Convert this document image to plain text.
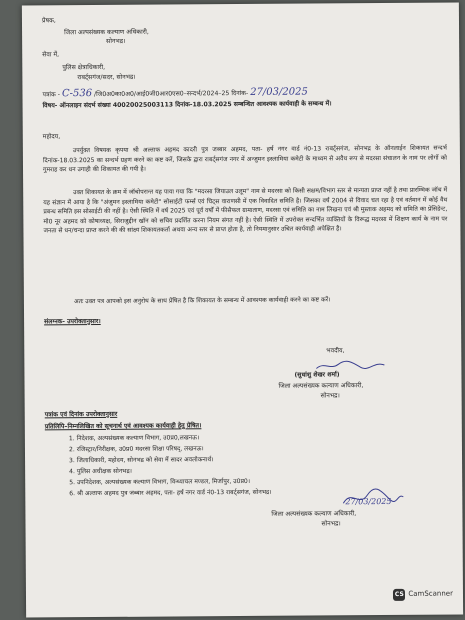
प्रेषक,
जिला अल्पसंख्यक कल्याण अधिकारी,
सोनभद्र।
सेवा में,
पुलिस क्षेत्राधिकारी,
राबर्ट्सगंज/सदर, सोनभद्र।
पत्रांक - C-536 /जि0अ0का0अ0/आई0जी0आर0एस0–सन्दर्भ/2024–25 दिनांक- 27/03/2025
विषय- ऑनलाइन संदर्भ संख्या 40020025003113 दिनांक-18.03.2025 सम्बन्धित आवश्यक कार्यवाही के सम्बन्ध में।
महोदय,
उपर्युक्त विषयक कृपया श्री अल्ताफ अहमद कादरी पुत्र जब्बार अहमद, पता- हर्ष नगर वार्ड नं0-13 राबर्ट्सगंज, सोनभद्र के ऑनलाईन शिकायत सन्दर्भ दिनांक-18.03.2025 का सन्दर्भ ग्रहण करने का कष्ट करें, जिसके द्वारा राबर्ट्सगंज नगर में अन्जुमन इस्लामिया कमेटी के माध्यम से अवैध रूप से मदरसा संचालन के नाम पर लोगों को गुमराह कर धन उगाही की शिकायत की गयी है।
उक्त शिकायत के क्रम में जॉचोपरान्त यह पाया गया कि "मदरसा जियाउल उलूम" नाम से मदरसा को किसी सक्षम/विभाग स्तर से मान्यता प्राप्त नहीं है तथा प्रारम्भिक जॉच में यह संज्ञान में आया है कि "अंजुमन इस्लामिया कमेटी" सोसाईटी फर्म्स एवं चिट्स वाराणसी में एक विवादित समिति है। जिसका वर्ष 2004 से विवाद चल रहा है एवं वर्तमान में कोई वैध प्रबन्ध समिति इस सोसाईटी की नहीं है। ऐसी स्थिति में वर्ष 2025 एवं पूर्व वर्षों में फीसैफल ग्रामाताण, मदरसा एवं समिति का नाम लिखना एवं श्री मुस्ताक अहमद को समिति का प्रेसिडेन्ट, मो0 नूर अहमद को कोषाध्यक्ष, सिराजुद्दीन खॉन को सचिव प्रदर्शित करना नियम संगत नहीं है। ऐसी स्थिति में उपरोक्त सन्दर्भित व्यक्तियों के विरूद्ध मदरसा में शिक्षण कार्य के नाम पर जनता से धन/चन्दा प्राप्त करने की की सांक्ष्य शिकायतकर्ता अथवा अन्य स्तर से प्राप्त होता है, तो नियमानुसार उचित कार्यवाही अपेक्षित है।
अतः उक्त पत्र आपको इस अनुरोध के साथ प्रेषित है कि शिकायत के सम्बन्ध में आवश्यक कार्यवाही करने का कष्ट करें।
संलग्नक- उपरोक्तानुसार।
भवदीय,
(सुधांशु शेखर शर्मा)
जिला अल्पसंख्यक कल्याण अधिकारी,
सोनभद्र।
पत्रांक एवं दिनांक उपरोक्तानुसार
प्रतिलिपि–निम्नलिखित को सूचनार्थ एवं आवश्यक कार्यवाही हेतु प्रेषित।
1. निदेशक, अल्पसंख्यक कल्याण विभाग, उ0प्र0,लखनऊ।
2. रजिस्ट्रार/निरीक्षक, उ0प्र0 मदरसा शिक्षा परिषद्, लखनऊ।
3. जिलाधिकारी, महोदय, सोनभद्र को सेवा में सादर अवलोकनार्थ।
4. पुलिस अधीक्षक सोनभद्र।
5. उपनिदेशक, अल्पसंख्यक कल्याण विभाग, विन्ध्याचल मण्डल, मिर्जापुर, उ0प्र0।
6. श्री अल्ताफ अहमद पुत्र जब्बार अहमद, पता- हर्ष नगर वार्ड नं0-13 राबर्ट्सगंज, सोनभद्र।
27/03/2025
जिला अल्पसंख्यक कल्याण अधिकारी,
सोनभद्र।
CS CamScanner
